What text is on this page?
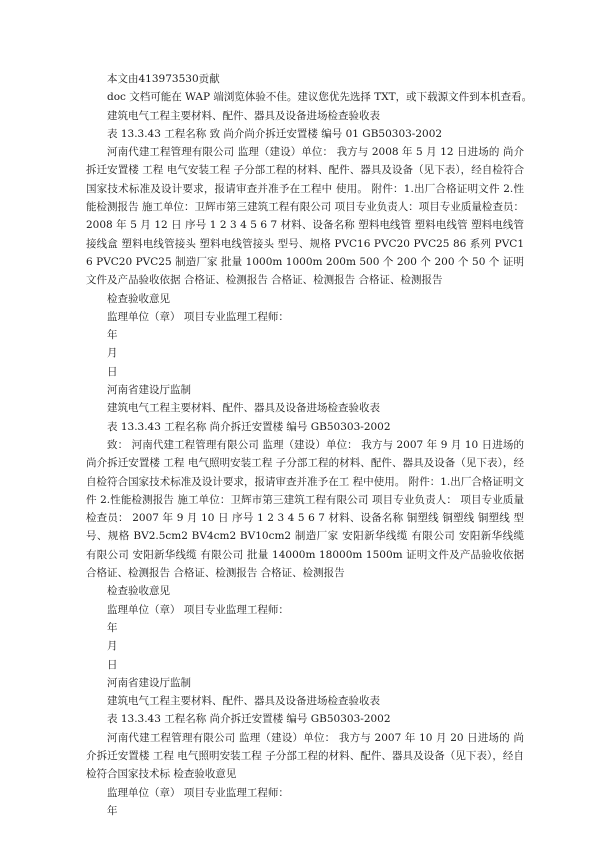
本文由413973530贡献
doc 文档可能在 WAP 端浏览体验不佳。建议您优先选择 TXT，或下载源文件到本机查看。
建筑电气工程主要材料、配件、器具及设备进场检查验收表
表 13.3.43 工程名称 致 尚介尚介拆迁安置楼 编号 01 GB50303-2002
河南代建工程管理有限公司 监理（建设）单位： 我方与 2008 年 5 月 12 日进场的 尚介拆迁安置楼 工程 电气安装工程 子分部工程的材料、配件、器具及设备（见下表），经自检符合国家技术标准及设计要求，报请审查并准予在工程中 使用。 附件：1.出厂合格证明文件 2.性能检测报告 施工单位：卫辉市第三建筑工程有限公司 项目专业负责人：项目专业质量检查员：2008 年 5 月 12 日 序号 1 2 3 4 5 6 7 材料、设备名称 塑料电线管 塑料电线管 塑料电线管 接线盒 塑料电线管接头 塑料电线管接头 型号、规格 PVC16 PVC20 PVC25 86 系列 PVC16 PVC20 PVC25 制造厂家 批量 1000m 1000m 200m 500 个 200 个 200 个 50 个 证明文件及产品验收依据 合格证、检测报告 合格证、检测报告 合格证、检测报告
检查验收意见
监理单位（章） 项目专业监理工程师：
年
月
日
河南省建设厅监制
建筑电气工程主要材料、配件、器具及设备进场检查验收表
表 13.3.43 工程名称 尚介拆迁安置楼 编号 GB50303-2002
致： 河南代建工程管理有限公司 监理（建设）单位： 我方与 2007 年 9 月 10 日进场的 尚介拆迁安置楼 工程 电气照明安装工程 子分部工程的材料、配件、器具及设备（见下表），经自检符合国家技术标准及设计要求，报请审查并准予在工 程中使用。 附件：1.出厂合格证明文件 2.性能检测报告 施工单位：卫辉市第三建筑工程有限公司 项目专业负责人： 项目专业质量检查员： 2007 年 9 月 10 日 序号 1 2 3 4 5 6 7 材料、设备名称 铜塑线 铜塑线 铜塑线 型号、规格 BV2.5cm2 BV4cm2 BV10cm2 制造厂家 安阳新华线缆 有限公司 安阳新华线缆 有限公司 安阳新华线缆 有限公司 批量 14000m 18000m 1500m 证明文件及产品验收依据 合格证、检测报告 合格证、检测报告 合格证、检测报告
检查验收意见
监理单位（章） 项目专业监理工程师：
年
月
日
河南省建设厅监制
建筑电气工程主要材料、配件、器具及设备进场检查验收表
表 13.3.43 工程名称 尚介拆迁安置楼 编号 GB50303-2002
河南代建工程管理有限公司 监理（建设）单位： 我方与 2007 年 10 月 20 日进场的 尚介拆迁安置楼 工程 电气照明安装工程 子分部工程的材料、配件、器具及设备（见下表），经自检符合国家技术标 检查验收意见
监理单位（章） 项目专业监理工程师：
年
